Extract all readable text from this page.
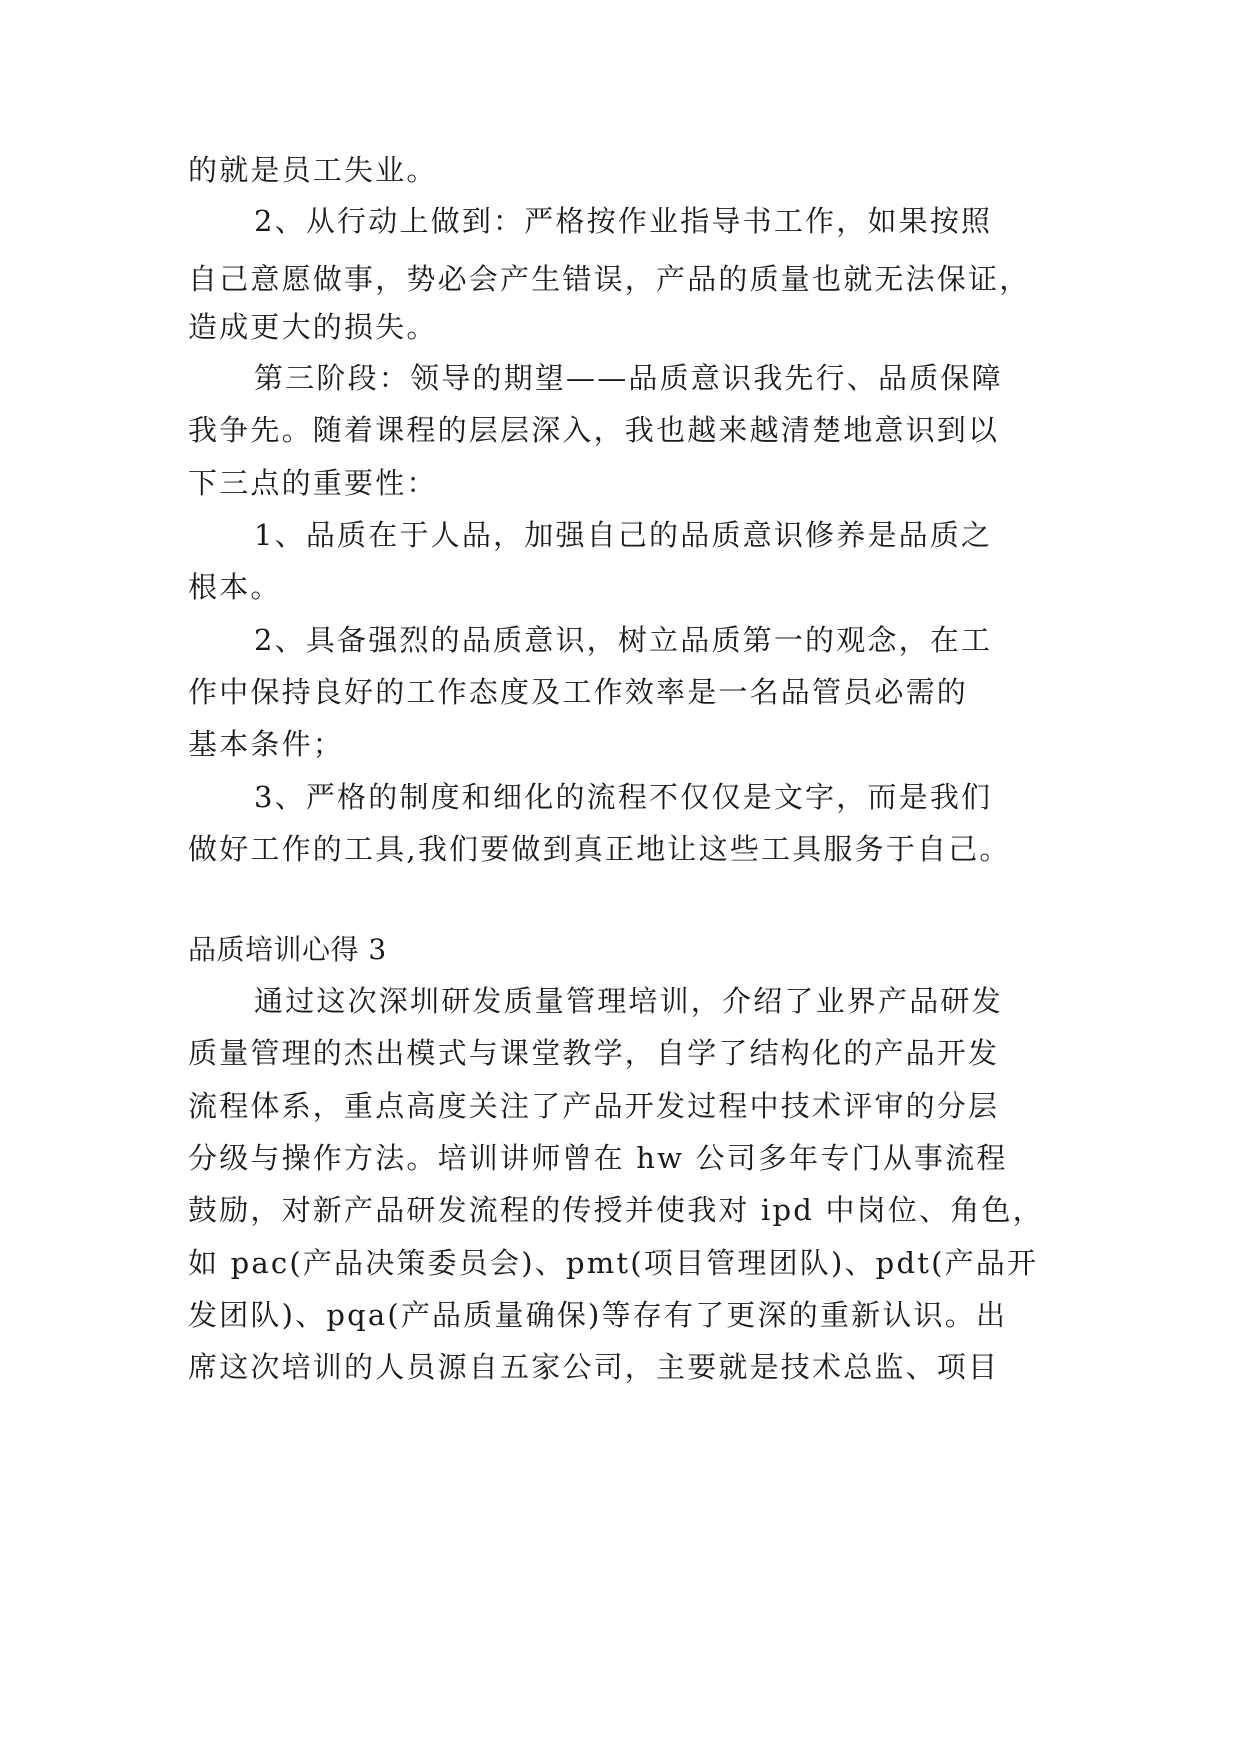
的就是员工失业。
2、从行动上做到：严格按作业指导书工作，如果按照
自己意愿做事，势必会产生错误，产品的质量也就无法保证，
造成更大的损失。
第三阶段：领导的期望——品质意识我先行、品质保障
我争先。随着课程的层层深入，我也越来越清楚地意识到以
下三点的重要性：
1、品质在于人品，加强自己的品质意识修养是品质之
根本。
2、具备强烈的品质意识，树立品质第一的观念，在工
作中保持良好的工作态度及工作效率是一名品管员必需的
基本条件；
3、严格的制度和细化的流程不仅仅是文字，而是我们
做好工作的工具,我们要做到真正地让这些工具服务于自己。
品质培训心得 3
通过这次深圳研发质量管理培训，介绍了业界产品研发
质量管理的杰出模式与课堂教学，自学了结构化的产品开发
流程体系，重点高度关注了产品开发过程中技术评审的分层
分级与操作方法。培训讲师曾在 hw 公司多年专门从事流程
鼓励，对新产品研发流程的传授并使我对 ipd 中岗位、角色，
如 pac(产品决策委员会)、pmt(项目管理团队)、pdt(产品开
发团队)、pqa(产品质量确保)等存有了更深的重新认识。出
席这次培训的人员源自五家公司，主要就是技术总监、项目
